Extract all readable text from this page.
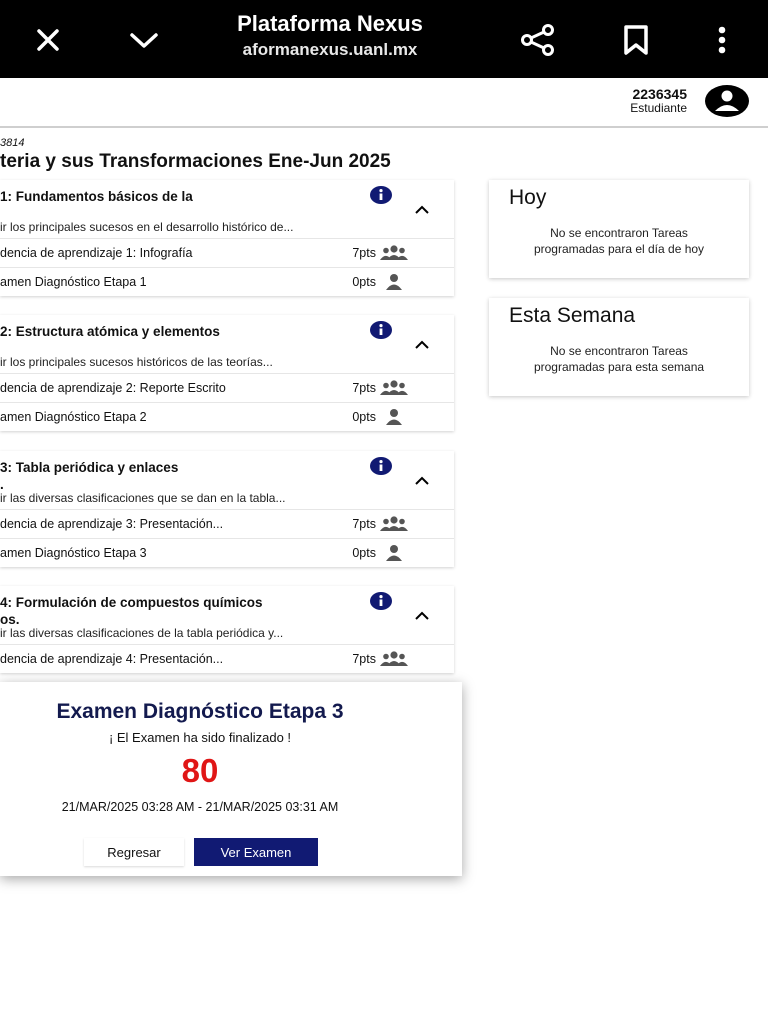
Plataforma Nexus
aformanexus.uanl.mx
2236345
Estudiante
3814
teria y sus Transformaciones Ene-Jun 2025
1: Fundamentos básicos de la
ir los principales sucesos en el desarrollo histórico de...
dencia de aprendizaje 1: Infografía	7pts
amen Diagnóstico Etapa 1	0pts
2: Estructura atómica y elementos
ir los principales sucesos históricos de las teorías...
dencia de aprendizaje 2: Reporte Escrito	7pts
amen Diagnóstico Etapa 2	0pts
3: Tabla periódica y enlaces
.
ir las diversas clasificaciones que se dan en la tabla...
dencia de aprendizaje 3: Presentación...	7pts
amen Diagnóstico Etapa 3	0pts
4: Formulación de compuestos químicos
os.
ir las diversas clasificaciones de la tabla periódica y...
dencia de aprendizaje 4: Presentación...	7pts
Hoy
No se encontraron Tareas programadas para el día de hoy
Esta Semana
No se encontraron Tareas programadas para esta semana
Examen Diagnóstico Etapa 3
¡ El Examen ha sido finalizado !
80
21/MAR/2025 03:28 AM - 21/MAR/2025 03:31 AM
Regresar	Ver Examen
